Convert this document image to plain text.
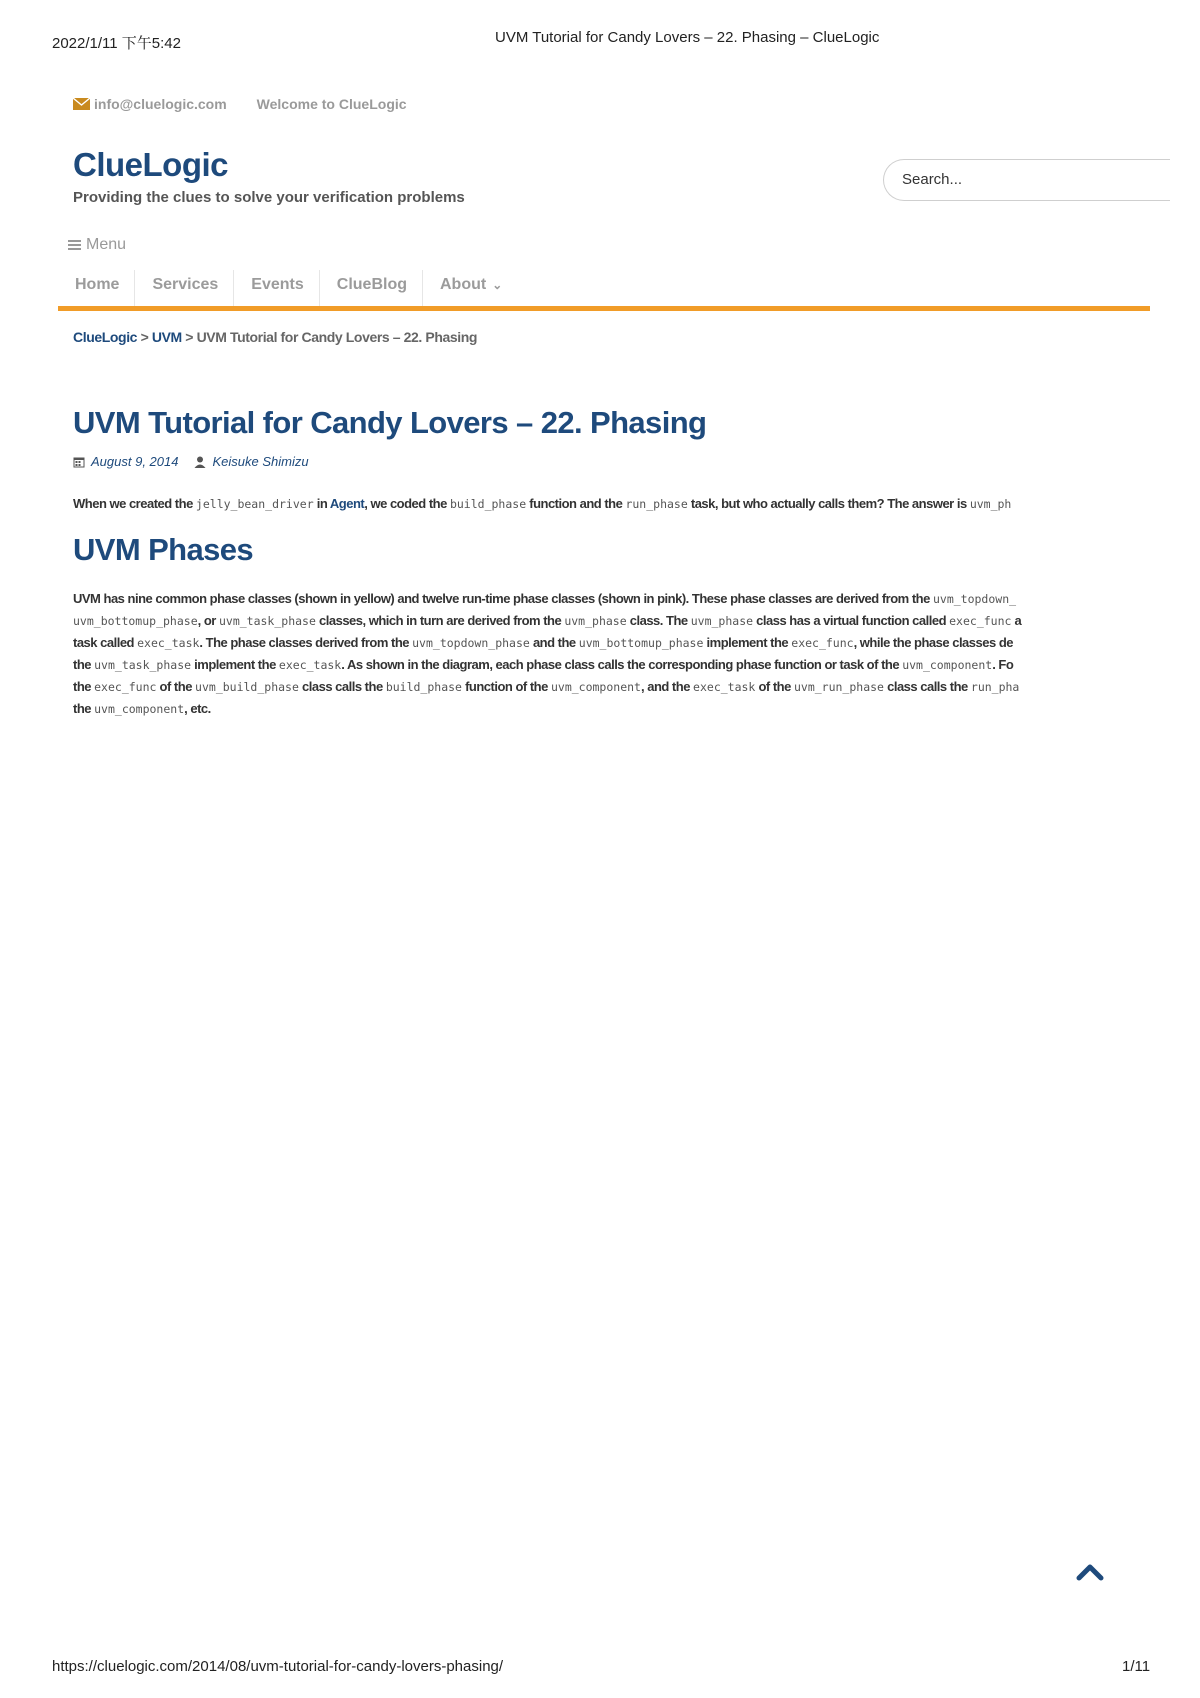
2022/1/11 下午5:42	UVM Tutorial for Candy Lovers – 22. Phasing – ClueLogic
info@cluelogic.com Welcome to ClueLogic
ClueLogic
Providing the clues to solve your verification problems
Search...
Menu
Home	Services	Events	ClueBlog	About ⌄
ClueLogic > UVM > UVM Tutorial for Candy Lovers – 22. Phasing
UVM Tutorial for Candy Lovers – 22. Phasing
August 9, 2014	Keisuke Shimizu
When we created the jelly_bean_driver in Agent, we coded the build_phase function and the run_phase task, but who actually calls them? The answer is uvm_ph
UVM Phases
UVM has nine common phase classes (shown in yellow) and twelve run-time phase classes (shown in pink). These phase classes are derived from the uvm_topdown_
uvm_bottomup_phase, or uvm_task_phase classes, which in turn are derived from the uvm_phase class. The uvm_phase class has a virtual function called exec_func a
task called exec_task. The phase classes derived from the uvm_topdown_phase and the uvm_bottomup_phase implement the exec_func, while the phase classes de
the uvm_task_phase implement the exec_task. As shown in the diagram, each phase class calls the corresponding phase function or task of the uvm_component. Fo
the exec_func of the uvm_build_phase class calls the build_phase function of the uvm_component, and the exec_task of the uvm_run_phase class calls the run_pha
the uvm_component, etc.
https://cluelogic.com/2014/08/uvm-tutorial-for-candy-lovers-phasing/	1/11
